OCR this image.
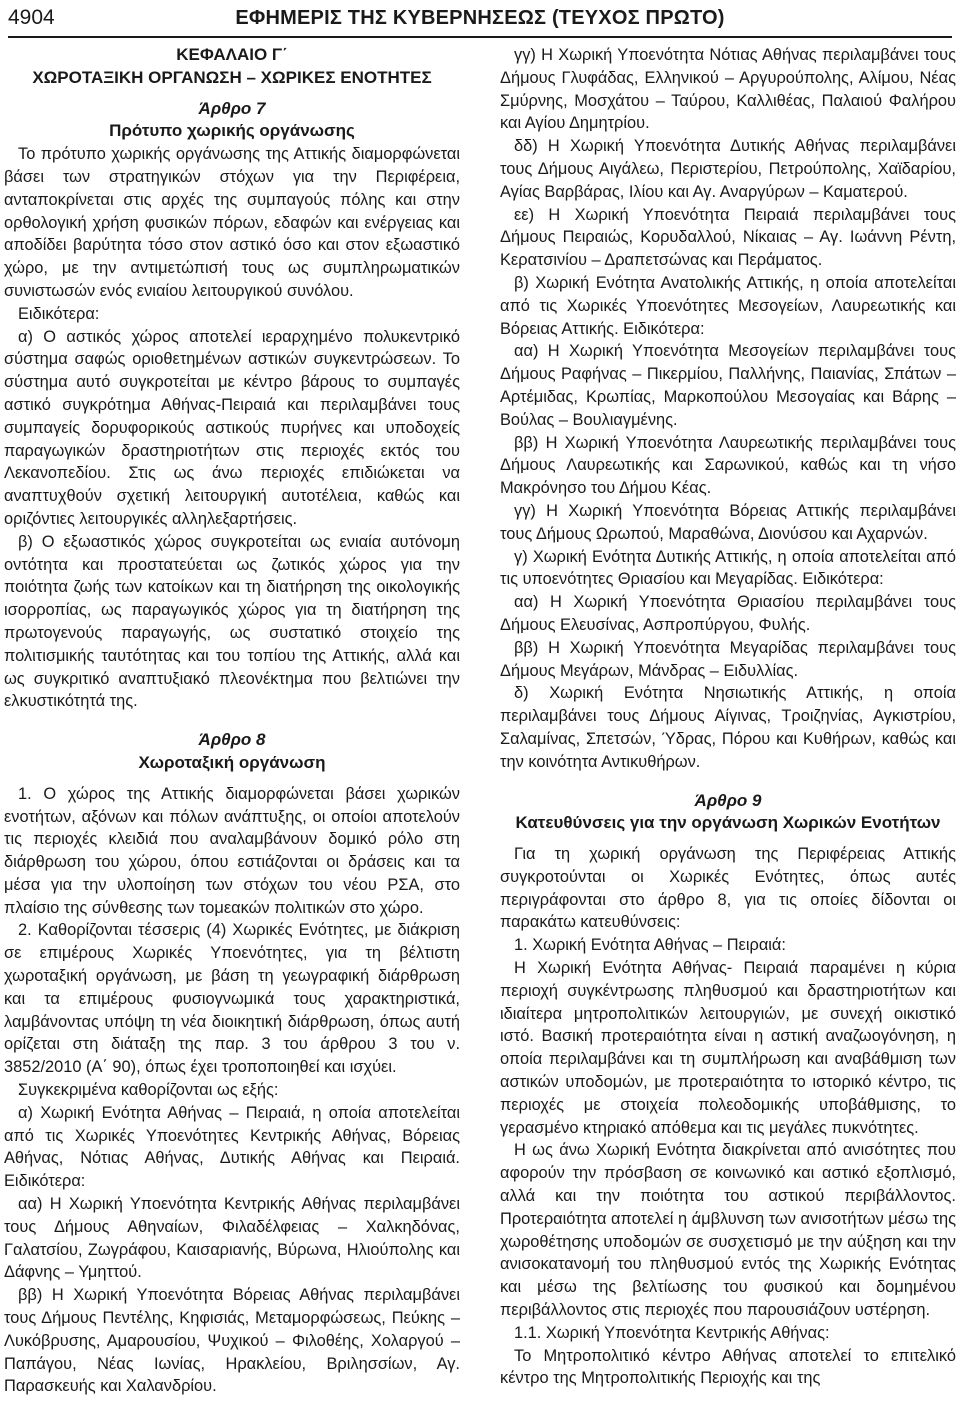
4904	ΕΦΗΜΕΡΙΣ ΤΗΣ ΚΥΒΕΡΝΗΣΕΩΣ (ΤΕΥΧΟΣ ΠΡΩΤΟ)

ΚΕΦΑΛΑΙΟ Γ΄

ΧΩΡΟΤΑΞΙΚΗ ΟΡΓΑΝΩΣΗ – ΧΩΡΙΚΕΣ ΕΝΟΤΗΤΕΣ

Άρθρο 7

Πρότυπο χωρικής οργάνωσης

Το πρότυπο χωρικής οργάνωσης της Αττικής διαμορφώνεται βάσει των στρατηγικών στόχων για την Περιφέρεια, ανταποκρίνεται στις αρχές της συμπαγούς πόλης και στην ορθολογική χρήση φυσικών πόρων, εδαφών και ενέργειας και αποδίδει βαρύτητα τόσο στον αστικό όσο και στον εξωαστικό χώρο, με την αντιμετώπισή τους ως συμπληρωματικών συνιστωσών ενός ενιαίου λειτουργικού συνόλου.

Ειδικότερα:

α) Ο αστικός χώρος αποτελεί ιεραρχημένο πολυκεντρικό σύστημα σαφώς οριοθετημένων αστικών συγκεντρώσεων. Το σύστημα αυτό συγκροτείται με κέντρο βάρους το συμπαγές αστικό συγκρότημα Αθήνας-Πειραιά και περιλαμβάνει τους συμπαγείς δορυφορικούς αστικούς πυρήνες και υποδοχείς παραγωγικών δραστηριοτήτων στις περιοχές εκτός του Λεκανοπεδίου. Στις ως άνω περιοχές επιδιώκεται να αναπτυχθούν σχετική λειτουργική αυτοτέλεια, καθώς και οριζόντιες λειτουργικές αλληλεξαρτήσεις.

β) Ο εξωαστικός χώρος συγκροτείται ως ενιαία αυτόνομη οντότητα και προστατεύεται ως ζωτικός χώρος για την ποιότητα ζωής των κατοίκων και τη διατήρηση της οικολογικής ισορροπίας, ως παραγωγικός χώρος για τη διατήρηση της πρωτογενούς παραγωγής, ως συστατικό στοιχείο της πολιτισμικής ταυτότητας και του τοπίου της Αττικής, αλλά και ως συγκριτικό αναπτυξιακό πλεονέκτημα που βελτιώνει την ελκυστικότητά της.

Άρθρο 8

Χωροταξική οργάνωση

1. Ο χώρος της Αττικής διαμορφώνεται βάσει χωρικών ενοτήτων, αξόνων και πόλων ανάπτυξης, οι οποίοι αποτελούν τις περιοχές κλειδιά που αναλαμβάνουν δομικό ρόλο στη διάρθρωση του χώρου, όπου εστιάζονται οι δράσεις και τα μέσα για την υλοποίηση των στόχων του νέου ΡΣΑ, στο πλαίσιο της σύνθεσης των τομεακών πολιτικών στο χώρο.

2. Καθορίζονται τέσσερις (4) Χωρικές Ενότητες, με διάκριση σε επιμέρους Χωρικές Υποενότητες, για τη βέλτιστη χωροταξική οργάνωση, με βάση τη γεωγραφική διάρθρωση και τα επιμέρους φυσιογνωμικά τους χαρακτηριστικά, λαμβάνοντας υπόψη τη νέα διοικητική διάρθρωση, όπως αυτή ορίζεται στη διάταξη της παρ. 3 του άρθρου 3 του ν. 3852/2010 (Α΄ 90), όπως έχει τροποποιηθεί και ισχύει.

Συγκεκριμένα καθορίζονται ως εξής:

α) Χωρική Ενότητα Αθήνας – Πειραιά, η οποία αποτελείται από τις Χωρικές Υποενότητες Κεντρικής Αθήνας, Βόρειας Αθήνας, Νότιας Αθήνας, Δυτικής Αθήνας και Πειραιά. Ειδικότερα:

αα) Η Χωρική Υποενότητα Κεντρικής Αθήνας περιλαμβάνει τους Δήμους Αθηναίων, Φιλαδέλφειας – Χαλκηδόνας, Γαλατσίου, Ζωγράφου, Καισαριανής, Βύρωνα, Ηλιούπολης και Δάφνης – Υμηττού.

ββ) Η Χωρική Υποενότητα Βόρειας Αθήνας περιλαμβάνει τους Δήμους Πεντέλης, Κηφισιάς, Μεταμορφώσεως, Πεύκης – Λυκόβρυσης, Αμαρουσίου, Ψυχικού – Φιλοθέης, Χολαργού – Παπάγου, Νέας Ιωνίας, Ηρακλείου, Βριλησσίων, Αγ. Παρασκευής και Χαλανδρίου.

γγ) Η Χωρική Υποενότητα Νότιας Αθήνας περιλαμβάνει τους Δήμους Γλυφάδας, Ελληνικού – Αργυρούπολης, Αλίμου, Νέας Σμύρνης, Μοσχάτου – Ταύρου, Καλλιθέας, Παλαιού Φαλήρου και Αγίου Δημητρίου.

δδ) Η Χωρική Υποενότητα Δυτικής Αθήνας περιλαμβάνει τους Δήμους Αιγάλεω, Περιστερίου, Πετρούπολης, Χαϊδαρίου, Αγίας Βαρβάρας, Ιλίου και Αγ. Αναργύρων – Καματερού.

εε) Η Χωρική Υποενότητα Πειραιά περιλαμβάνει τους Δήμους Πειραιώς, Κορυδαλλού, Νίκαιας – Αγ. Ιωάννη Ρέντη, Κερατσινίου – Δραπετσώνας και Περάματος.

β) Χωρική Ενότητα Ανατολικής Αττικής, η οποία αποτελείται από τις Χωρικές Υποενότητες Μεσογείων, Λαυρεωτικής και Βόρειας Αττικής. Ειδικότερα:

αα) Η Χωρική Υποενότητα Μεσογείων περιλαμβάνει τους Δήμους Ραφήνας – Πικερμίου, Παλλήνης, Παιανίας, Σπάτων – Αρτέμιδας, Κρωπίας, Μαρκοπούλου Μεσογαίας και Βάρης – Βούλας – Βουλιαγμένης.

ββ) Η Χωρική Υποενότητα Λαυρεωτικής περιλαμβάνει τους Δήμους Λαυρεωτικής και Σαρωνικού, καθώς και τη νήσο Μακρόνησο του Δήμου Κέας.

γγ) Η Χωρική Υποενότητα Βόρειας Αττικής περιλαμβάνει τους Δήμους Ωρωπού, Μαραθώνα, Διονύσου και Αχαρνών.

γ) Χωρική Ενότητα Δυτικής Αττικής, η οποία αποτελείται από τις υποενότητες Θριασίου και Μεγαρίδας. Ειδικότερα:

αα) Η Χωρική Υποενότητα Θριασίου περιλαμβάνει τους Δήμους Ελευσίνας, Ασπροπύργου, Φυλής.

ββ) Η Χωρική Υποενότητα Μεγαρίδας περιλαμβάνει τους Δήμους Μεγάρων, Μάνδρας – Ειδυλλίας.

δ) Χωρική Ενότητα Νησιωτικής Αττικής, η οποία περιλαμβάνει τους Δήμους Αίγινας, Τροιζηνίας, Αγκιστρίου, Σαλαμίνας, Σπετσών, Ύδρας, Πόρου και Κυθήρων, καθώς και την κοινότητα Αντικυθήρων.

Άρθρο 9

Κατευθύνσεις για την οργάνωση Χωρικών Ενοτήτων

Για τη χωρική οργάνωση της Περιφέρειας Αττικής συγκροτούνται οι Χωρικές Ενότητες, όπως αυτές περιγράφονται στο άρθρο 8, για τις οποίες δίδονται οι παρακάτω κατευθύνσεις:

1. Χωρική Ενότητα Αθήνας – Πειραιά:

Η Χωρική Ενότητα Αθήνας- Πειραιά παραμένει η κύρια περιοχή συγκέντρωσης πληθυσμού και δραστηριοτήτων και ιδιαίτερα μητροπολιτικών λειτουργιών, με συνεχή οικιστικό ιστό. Βασική προτεραιότητα είναι η αστική αναζωογόνηση, η οποία περιλαμβάνει και τη συμπλήρωση και αναβάθμιση των αστικών υποδομών, με προτεραιότητα το ιστορικό κέντρο, τις περιοχές με στοιχεία πολεοδομικής υποβάθμισης, το γερασμένο κτηριακό απόθεμα και τις μεγάλες πυκνότητες.

Η ως άνω Χωρική Ενότητα διακρίνεται από ανισότητες που αφορούν την πρόσβαση σε κοινωνικό και αστικό εξοπλισμό, αλλά και την ποιότητα του αστικού περιβάλλοντος. Προτεραιότητα αποτελεί η άμβλυνση των ανισοτήτων μέσω της χωροθέτησης υποδομών σε συσχετισμό με την αύξηση και την ανισοκατανομή του πληθυσμού εντός της Χωρικής Ενότητας και μέσω της βελτίωσης του φυσικού και δομημένου περιβάλλοντος στις περιοχές που παρουσιάζουν υστέρηση.

1.1. Χωρική Υποενότητα Κεντρικής Αθήνας:

Το Μητροπολιτικό κέντρο Αθήνας αποτελεί το επιτελικό κέντρο της Μητροπολιτικής Περιοχής και της
